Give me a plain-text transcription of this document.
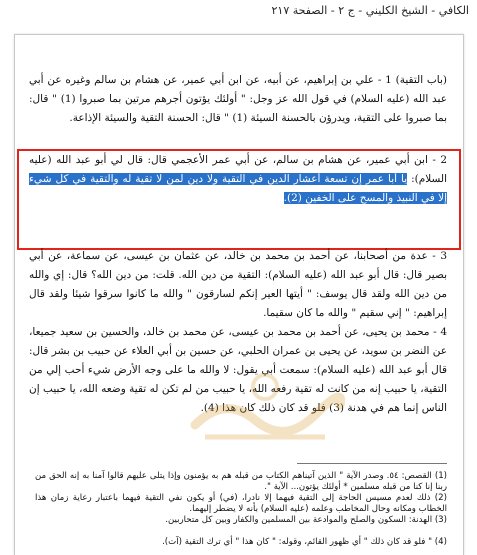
الكافي - الشيخ الكليني - ج ٢ - الصفحة ٢١٧
(باب التقية) 1 - علي بن إبراهيم، عن أبيه، عن ابن أبي عمير، عن هشام بن سالم وغيره عن أبي عبد الله (عليه السلام) في قول الله عز وجل: " أولئك يؤتون أجرهم مرتين بما صبروا (1) " قال: بما صبروا على التقية، ويدرؤن بالحسنة السيئة (1) " قال: الحسنة التقية والسيئة الإذاعة.
2 - ابن أبي عمير، عن هشام بن سالم، عن أبي عمر الأعجمي قال: قال لي أبو عبد الله (عليه السلام): يا أبا عمر إن تسعة أعشار الدين في التقية ولا دين لمن لا تقية له والتقية في كل شيء إلا في النبيذ والمسح على الخفين (2).
3 - عدة من أصحابنا، عن أحمد بن محمد بن خالد، عن عثمان بن عيسى، عن سماعة، عن أبي بصير قال: قال أبو عبد الله (عليه السلام): التقية من دين الله. قلت: من دين الله؟ قال: إي والله من دين الله ولقد قال يوسف: " أيتها العير إنكم لسارقون " والله ما كانوا سرقوا شيئا ولقد قال إبراهيم: " إني سقيم " والله ما كان سقيما.
4 - محمد بن يحيى، عن أحمد بن محمد بن عيسى، عن محمد بن خالد، والحسين بن سعيد جميعا، عن النضر بن سويد، عن يحيى بن عمران الحلبي، عن حسين بن أبي العلاء عن حبيب بن بشر قال: قال أبو عبد الله (عليه السلام): سمعت أبي يقول: لا والله ما على وجه الأرض شيء أحب إلي من التقية، يا حبيب إنه من كانت له تقية رفعه الله، يا حبيب من لم تكن له تقية وضعه الله، يا حبيب إن الناس إنما هم في هدنة (3) فلو قد كان ذلك كان هذا (4).
(1) القصص: ٥٤. وصدر الآية " الذين آتيناهم الكتاب من قبله هم به يؤمنون وإذا يتلى عليهم قالوا آمنا به إنه الحق من ربنا إنا كنا من قبله مسلمين * أولئك يؤتون... الآية ".
(2) ذلك لعدم مسيس الحاجة إلى التقية فيهما إلا نادرا، (في) أو يكون نفي التقية فيهما باعتبار رعاية زمان هذا الخطاب ومكانه وحال المخاطب وعلمه (عليه السلام) بأنه لا يضطر إليهما.
(3) الهدنة: السكون والصلح والموادعة بين المسلمين والكفار وبين كل متحاربين.
(4) " فلو قد كان ذلك " أي ظهور القائم، وقوله: " كان هذا " أي ترك التقية (آت).
